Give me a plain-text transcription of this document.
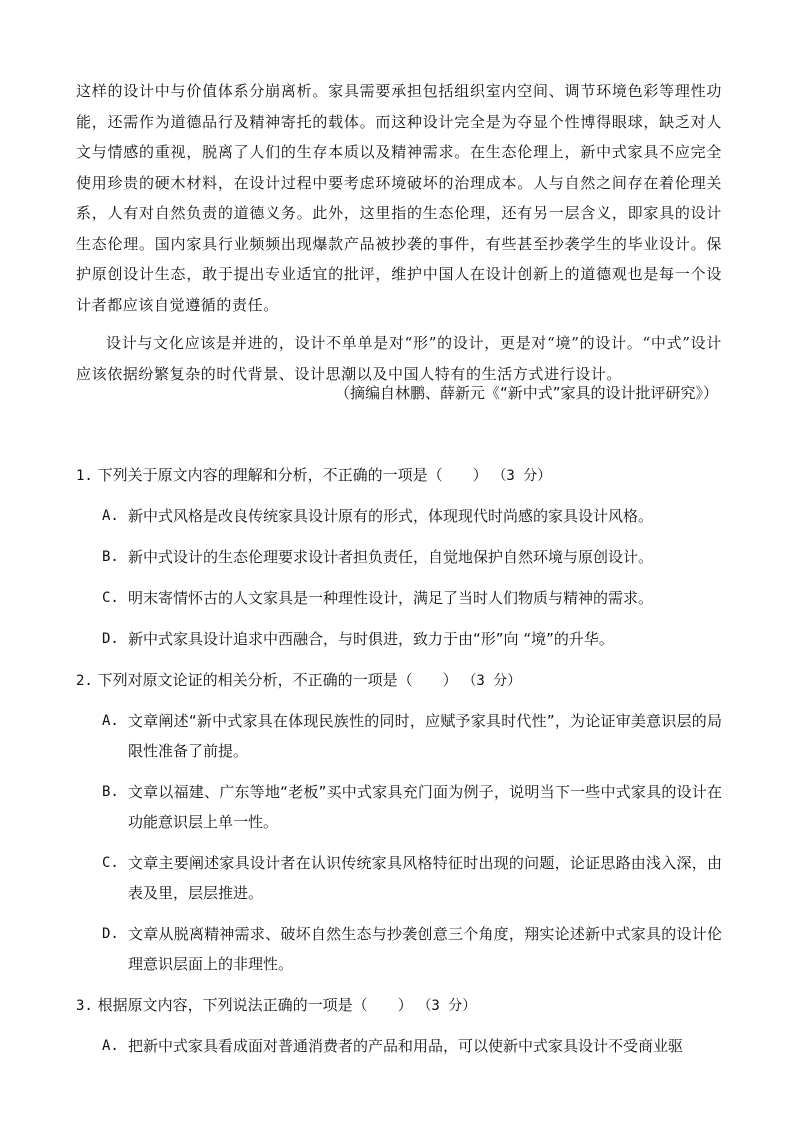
这样的设计中与价值体系分崩离析。家具需要承担包括组织室内空间、调节环境色彩等理性功能，还需作为道德品行及精神寄托的载体。而这种设计完全是为夺显个性博得眼球，缺乏对人文与情感的重视，脱离了人们的生存本质以及精神需求。在生态伦理上，新中式家具不应完全使用珍贵的硬木材料，在设计过程中要考虑环境破坏的治理成本。人与自然之间存在着伦理关系，人有对自然负责的道德义务。此外，这里指的生态伦理，还有另一层含义，即家具的设计生态伦理。国内家具行业频频出现爆款产品被抄袭的事件，有些甚至抄袭学生的毕业设计。保护原创设计生态，敢于提出专业适宜的批评，维护中国人在设计创新上的道德观也是每一个设计者都应该自觉遵循的责任。

设计与文化应该是并进的，设计不单单是对“形”的设计，更是对“境”的设计。“中式”设计应该依据纷繁复杂的时代背景、设计思潮以及中国人特有的生活方式进行设计。

（摘编自林鹏、薛新元《“新中式”家具的设计批评研究》）
1. 下列关于原文内容的理解和分析，不正确的一项是（　　） （3 分）
A. 新中式风格是改良传统家具设计原有的形式，体现现代时尚感的家具设计风格。
B. 新中式设计的生态伦理要求设计者担负责任，自觉地保护自然环境与原创设计。
C. 明末寄情怀古的人文家具是一种理性设计，满足了当时人们物质与精神的需求。
D. 新中式家具设计追求中西融合，与时俱进，致力于由“形”向 “境”的升华。
2. 下列对原文论证的相关分析，不正确的一项是（　　） （3 分）
A. 文章阐述“新中式家具在体现民族性的同时，应赋予家具时代性”，为论证审美意识层的局限性准备了前提。
B. 文章以福建、广东等地“老板”买中式家具充门面为例子，说明当下一些中式家具的设计在功能意识层上单一性。
C. 文章主要阐述家具设计者在认识传统家具风格特征时出现的问题，论证思路由浅入深，由表及里，层层推进。
D. 文章从脱离精神需求、破坏自然生态与抄袭创意三个角度，翔实论述新中式家具的设计伦理意识层面上的非理性。
3. 根据原文内容，下列说法正确的一项是（　　） （3 分）
A. 把新中式家具看成面对普通消费者的产品和用品，可以使新中式家具设计不受商业驱
